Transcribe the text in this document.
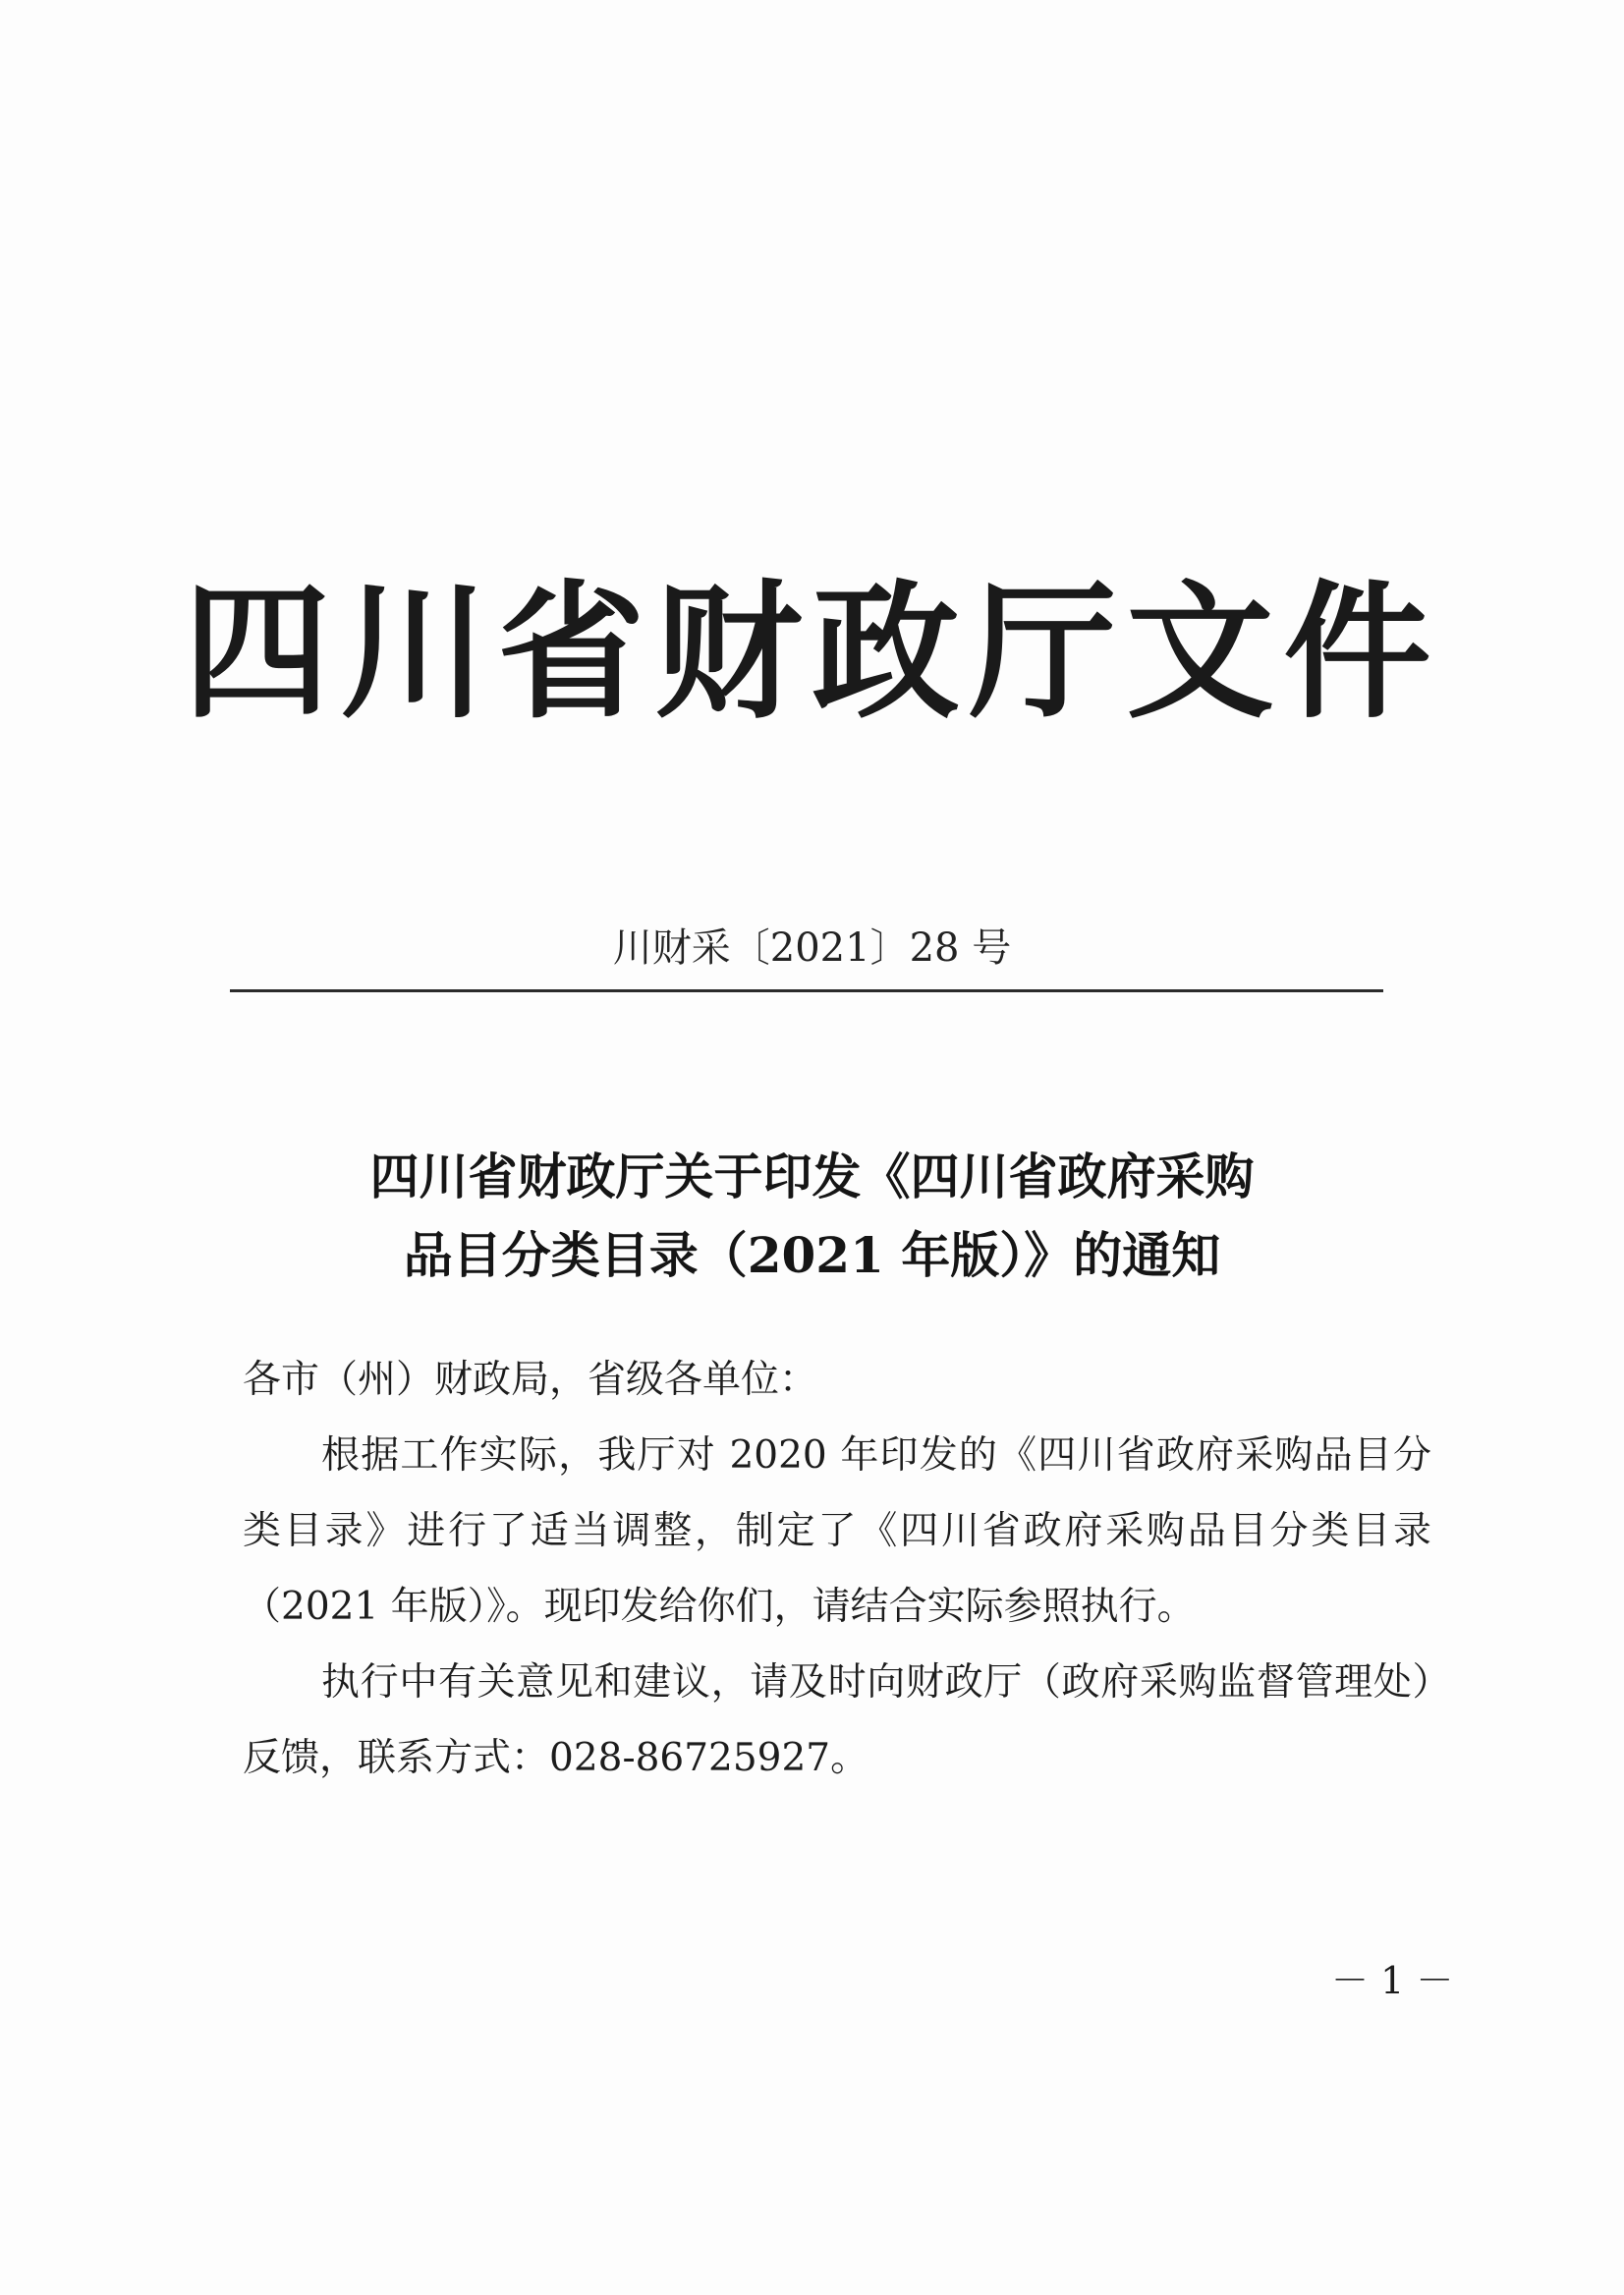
四川省财政厅文件
川财采〔2021〕28 号
四川省财政厅关于印发《四川省政府采购
品目分类目录（2021 年版）》的通知
各市（州）财政局，省级各单位：

根据工作实际，我厅对 2020 年印发的《四川省政府采购品目分类目录》进行了适当调整，制定了《四川省政府采购品目分类目录（2021 年版）》。现印发给你们，请结合实际参照执行。

执行中有关意见和建议，请及时向财政厅（政府采购监督管理处）反馈，联系方式：028-86725927。

－ 1 －
